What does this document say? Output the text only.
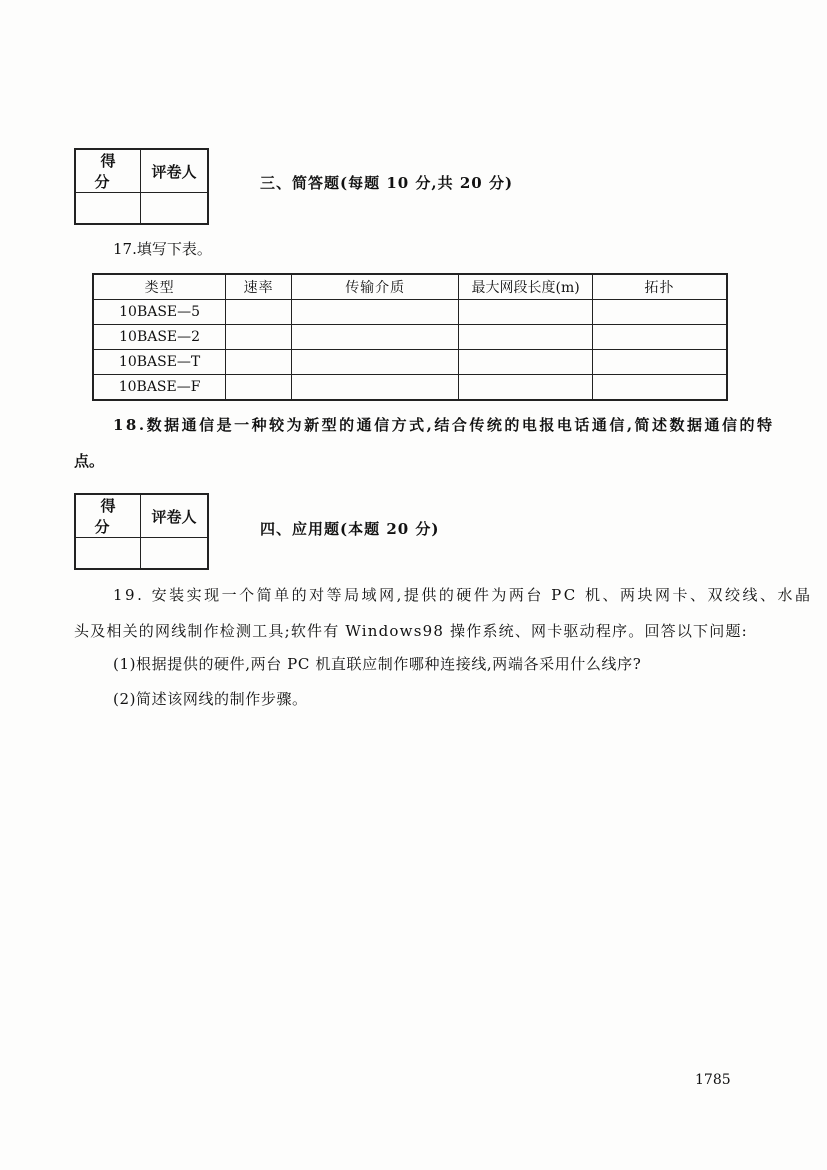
得 分	评卷人

三、简答题(每题 10 分,共 20 分)
17.填写下表。
类型	速率	传输介质	最大网段长度(m)	拓扑
10BASE—5				
10BASE—2				
10BASE—T				
10BASE—F				
18.数据通信是一种较为新型的通信方式,结合传统的电报电话通信,简述数据通信的特
点。
得 分	评卷人

四、应用题(本题 20 分)
19. 安装实现一个简单的对等局域网,提供的硬件为两台 PC 机、两块网卡、双绞线、水晶
头及相关的网线制作检测工具;软件有 Windows98 操作系统、网卡驱动程序。回答以下问题:
(1)根据提供的硬件,两台 PC 机直联应制作哪种连接线,两端各采用什么线序?
(2)简述该网线的制作步骤。
1785
